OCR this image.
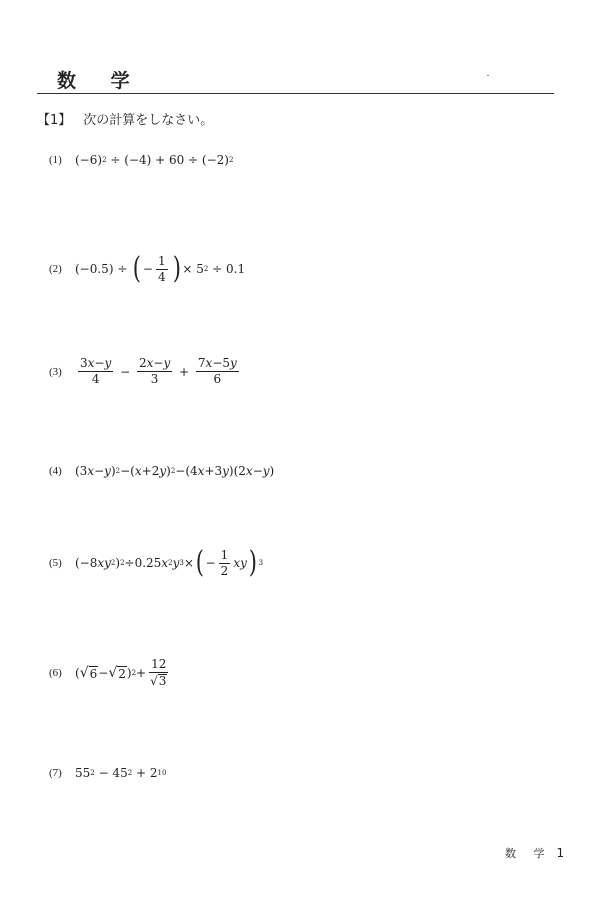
数 学
【1】 次の計算をしなさい。
(1)	(−6) 2 ÷ (−4) + 60 ÷ (−2) 2
(2)	(−0.5) ÷ ( − $\frac{1}{4}$ ) × 5 2 ÷ 0.1
(3)	$\frac{3x-y}{4} - \frac{2x-y}{3} + \frac{7x-5y}{6}$
(4)	(3 x − y ) 2 −( x +2 y ) 2 −(4 x +3 y )(2 x − y )
(5)	(−8 xy 2 ) 2 ÷0.25 x 2 y 3 × ( − $\frac{1}{2}$ xy ) 3
(6)	( √ 6 − √ 2 ) $2 + \frac{12}{√ 3}$
(7)	55 2 − 45 2 + 2 10
数 学 1
